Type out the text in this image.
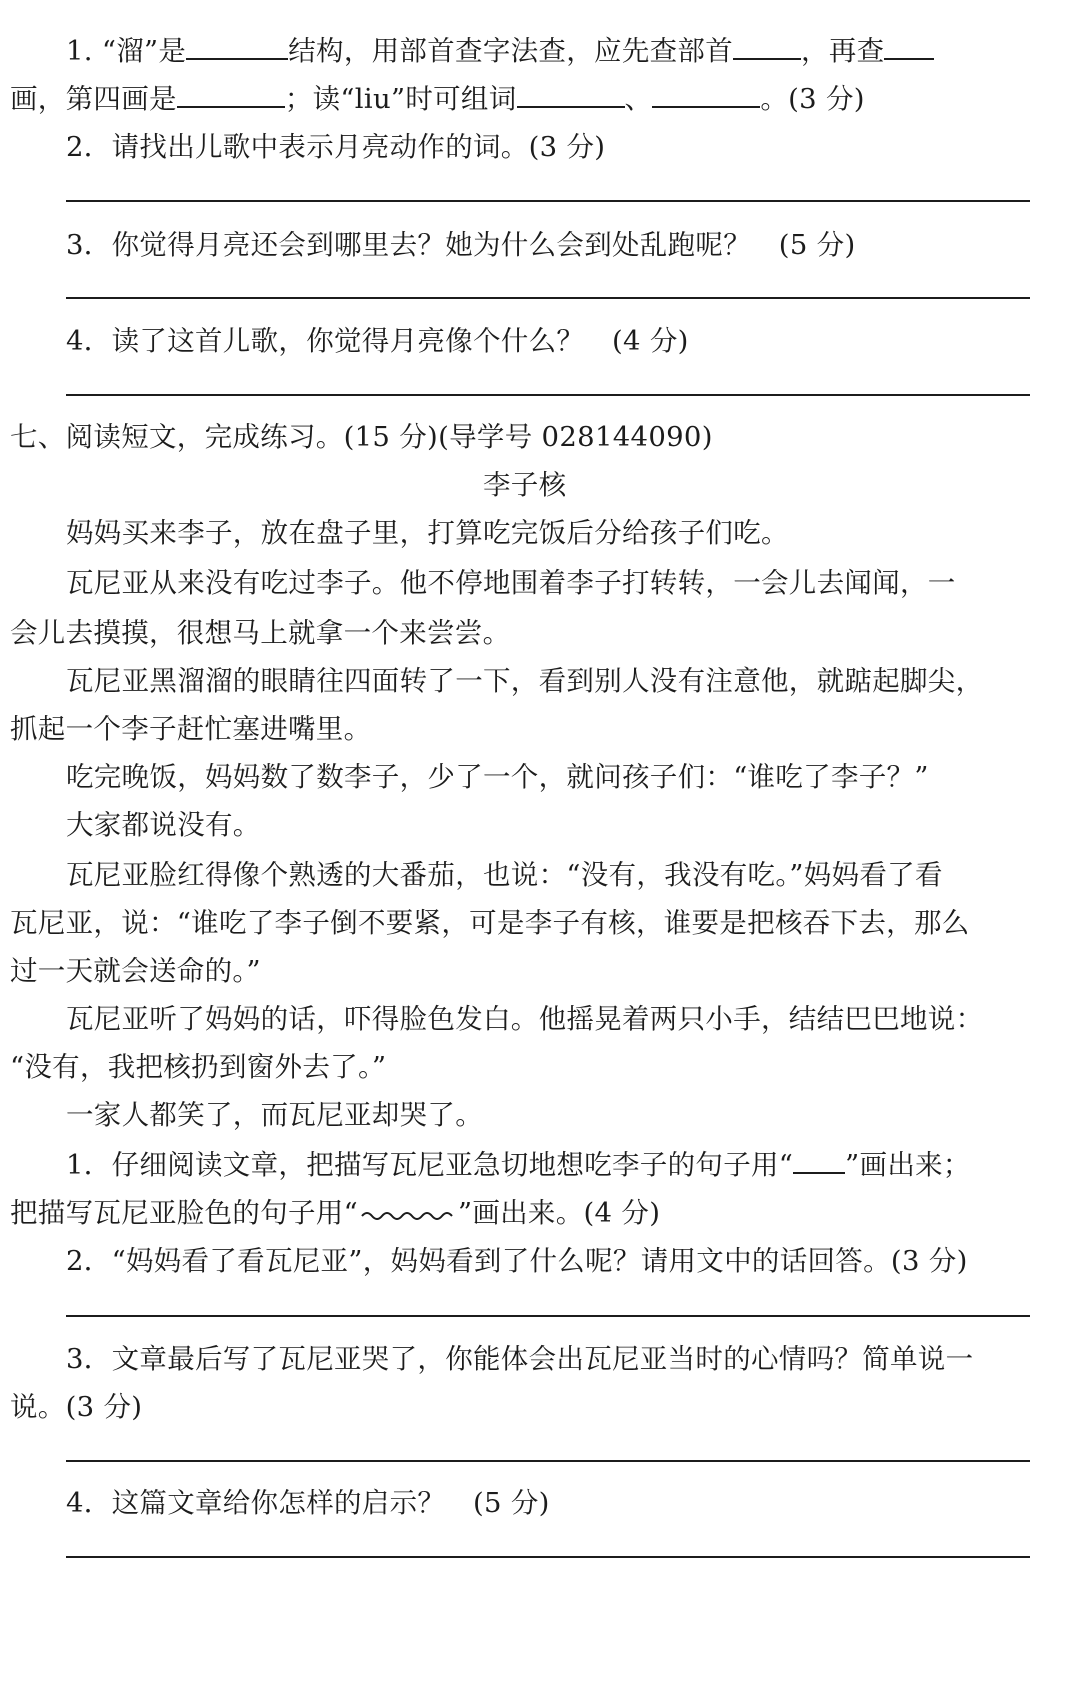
1. “溜”是	结构，用部首查字法查，应先查部首 ，再查
画，第四画是	；读“liu”时可组词	、	。(3 分)
2．请找出儿歌中表示月亮动作的词。(3 分)
3．你觉得月亮还会到哪里去？她为什么会到处乱跑呢？　(5 分)
4．读了这首儿歌，你觉得月亮像个什么？　(4 分)
七、阅读短文，完成练习。(15 分)(导学号 028144090)
李子核
妈妈买来李子，放在盘子里，打算吃完饭后分给孩子们吃。
瓦尼亚从来没有吃过李子。他不停地围着李子打转转，一会儿去闻闻，一
会儿去摸摸，很想马上就拿一个来尝尝。
瓦尼亚黑溜溜的眼睛往四面转了一下，看到别人没有注意他，就踮起脚尖，
抓起一个李子赶忙塞进嘴里。
吃完晚饭，妈妈数了数李子，少了一个，就问孩子们：“谁吃了李子？”
大家都说没有。
瓦尼亚脸红得像个熟透的大番茄，也说：“没有，我没有吃。”妈妈看了看
瓦尼亚，说：“谁吃了李子倒不要紧，可是李子有核，谁要是把核吞下去，那么
过一天就会送命的。”
瓦尼亚听了妈妈的话，吓得脸色发白。他摇晃着两只小手，结结巴巴地说：
“没有，我把核扔到窗外去了。”
一家人都笑了，而瓦尼亚却哭了。
1．仔细阅读文章，把描写瓦尼亚急切地想吃李子的句子用“ ”画出来；
把描写瓦尼亚脸色的句子用“	”画出来。(4 分)
2．“妈妈看了看瓦尼亚”，妈妈看到了什么呢？请用文中的话回答。(3 分)
3．文章最后写了瓦尼亚哭了，你能体会出瓦尼亚当时的心情吗？简单说一
说。(3 分)
4．这篇文章给你怎样的启示？　(5 分)
